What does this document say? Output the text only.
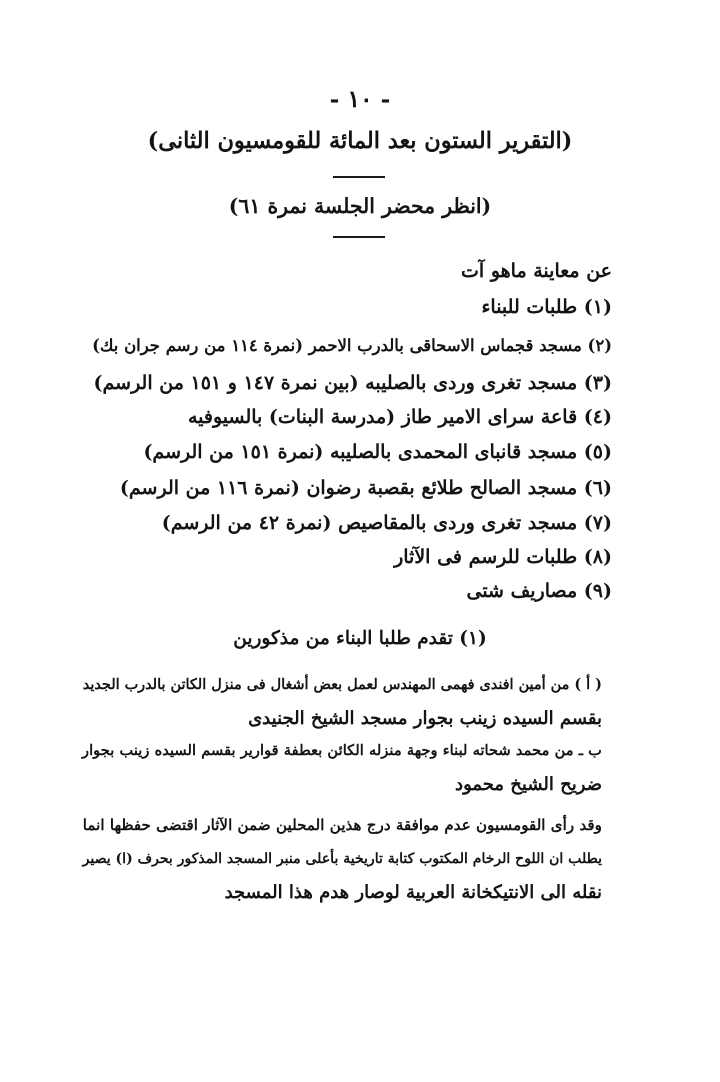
- ١٠ -
(التقرير الستون بعد المائة للقومسيون الثانى)
(انظر محضر الجلسة نمرة ٦١)
عن معاينة ماهو آت
(١) طلبات للبناء
(٢) مسجد قجماس الاسحاقى بالدرب الاحمر (نمرة ١١٤ من رسم جران بك)
(٣) مسجد تغرى وردى بالصليبه (بين نمرة ١٤٧ و ١٥١ من الرسم)
(٤) قاعة سراى الامير طاز (مدرسة البنات) بالسيوفيه
(٥) مسجد قانباى المحمدى بالصليبه (نمرة ١٥١ من الرسم)
(٦) مسجد الصالح طلائع بقصبة رضوان (نمرة ١١٦ من الرسم)
(٧) مسجد تغرى وردى بالمقاصيص (نمرة ٤٢ من الرسم)
(٨) طلبات للرسم فى الآثار
(٩) مصاريف شتى
(١) تقدم طلبا البناء من مذكورين
( أ ) من أمين افندى فهمى المهندس لعمل بعض أشغال فى منزل الكاتن بالدرب الجديد
بقسم السيده زينب بجوار مسجد الشيخ الجنيدى
ب ـ من محمد شحاته لبناء وجهة منزله الكائن بعطفة قوارير بقسم السيده زينب بجوار
ضريح الشيخ محمود
وقد رأى القومسيون عدم موافقة درج هذين المحلين ضمن الآثار اقتضى حفظها انما
يطلب ان اللوح الرخام المكتوب كتابة تاريخية بأعلى منبر المسجد المذكور بحرف (ا) يصير
نقله الى الانتيكخانة العربية لوصار هدم هذا المسجد
